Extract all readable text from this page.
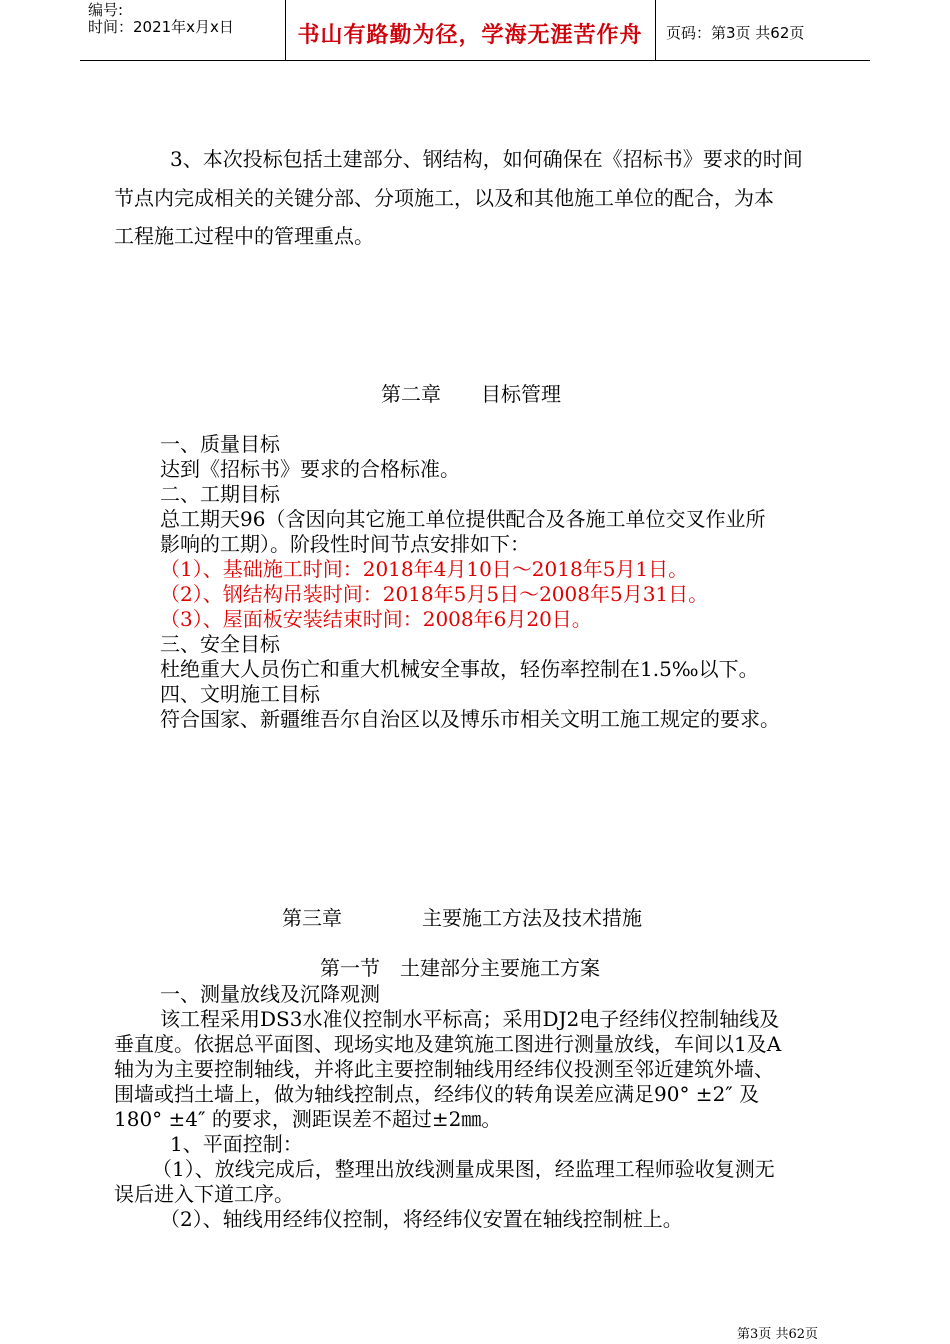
编号:
时间：2021年x月x日	书山有路勤为径，学海无涯苦作舟	页码：第3页 共62页
3、本次投标包括土建部分、钢结构，如何确保在《招标书》要求的时间
节点内完成相关的关键分部、分项施工，以及和其他施工单位的配合，为本
工程施工过程中的管理重点。
第二章　　目标管理
一、质量目标
达到《招标书》要求的合格标准。
二、工期目标
总工期天96（含因向其它施工单位提供配合及各施工单位交叉作业所
影响的工期）。阶段性时间节点安排如下：
（1）、基础施工时间：2018年4月10日～2018年5月1日。
（2）、钢结构吊装时间：2018年5月5日～2008年5月31日。
（3）、屋面板安装结束时间：2008年6月20日。
三、安全目标
杜绝重大人员伤亡和重大机械安全事故，轻伤率控制在1.5‰以下。
四、文明施工目标
符合国家、新疆维吾尔自治区以及博乐市相关文明工施工规定的要求。
第三章　　　　主要施工方法及技术措施
第一节　土建部分主要施工方案
一、测量放线及沉降观测
该工程采用DS3水准仪控制水平标高；采用DJ2电子经纬仪控制轴线及
垂直度。依据总平面图、现场实地及建筑施工图进行测量放线，车间以1及A
轴为为主要控制轴线，并将此主要控制轴线用经纬仪投测至邻近建筑外墙、
围墙或挡土墙上，做为轴线控制点，经纬仪的转角误差应满足90° ±2″ 及
180° ±4″ 的要求，测距误差不超过±2㎜。
1、平面控制：
（1）、放线完成后，整理出放线测量成果图，经监理工程师验收复测无
误后进入下道工序。
（2）、轴线用经纬仪控制，将经纬仪安置在轴线控制桩上。
第3页 共62页
